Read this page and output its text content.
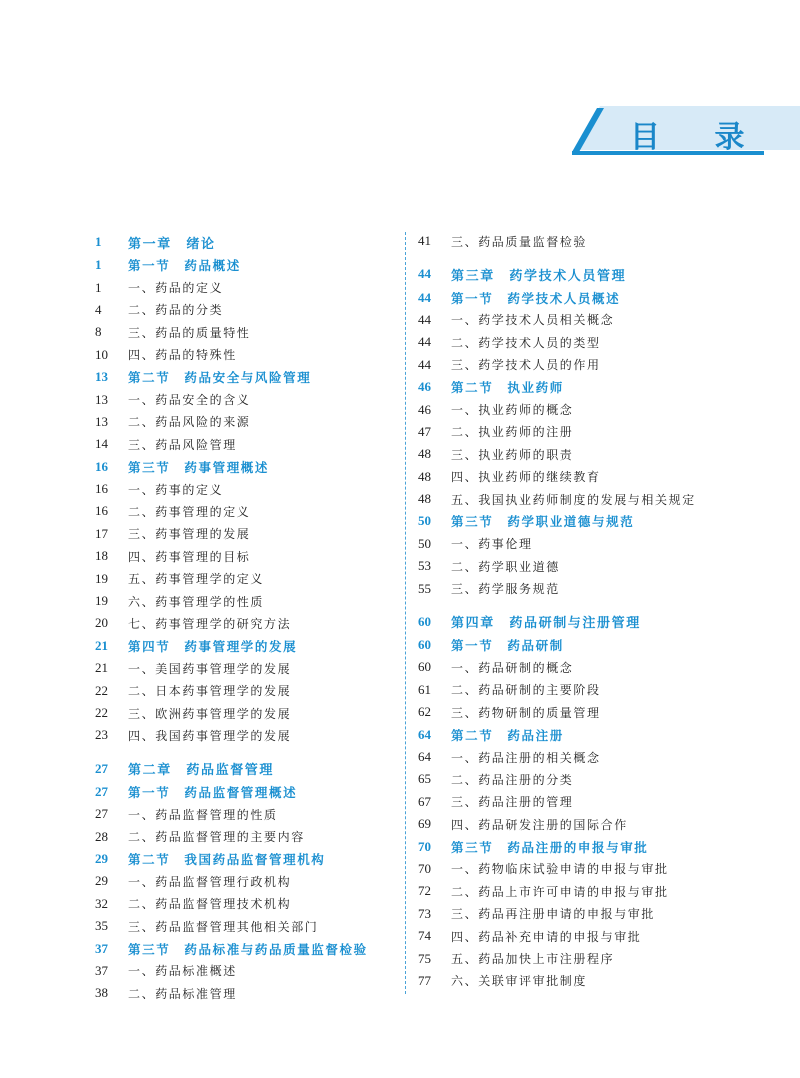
目 录
1	第一章　绪论
1	第一节　药品概述
1	一、药品的定义
4	二、药品的分类
8	三、药品的质量特性
10	四、药品的特殊性
13	第二节　药品安全与风险管理
13	一、药品安全的含义
13	二、药品风险的来源
14	三、药品风险管理
16	第三节　药事管理概述
16	一、药事的定义
16	二、药事管理的定义
17	三、药事管理的发展
18	四、药事管理的目标
19	五、药事管理学的定义
19	六、药事管理学的性质
20	七、药事管理学的研究方法
21	第四节　药事管理学的发展
21	一、美国药事管理学的发展
22	二、日本药事管理学的发展
22	三、欧洲药事管理学的发展
23	四、我国药事管理学的发展
27	第二章　药品监督管理
27	第一节　药品监督管理概述
27	一、药品监督管理的性质
28	二、药品监督管理的主要内容
29	第二节　我国药品监督管理机构
29	一、药品监督管理行政机构
32	二、药品监督管理技术机构
35	三、药品监督管理其他相关部门
37	第三节　药品标准与药品质量监督检验
37	一、药品标准概述
38	二、药品标准管理
41	三、药品质量监督检验
44	第三章　药学技术人员管理
44	第一节　药学技术人员概述
44	一、药学技术人员相关概念
44	二、药学技术人员的类型
44	三、药学技术人员的作用
46	第二节　执业药师
46	一、执业药师的概念
47	二、执业药师的注册
48	三、执业药师的职责
48	四、执业药师的继续教育
48	五、我国执业药师制度的发展与相关规定
50	第三节　药学职业道德与规范
50	一、药事伦理
53	二、药学职业道德
55	三、药学服务规范
60	第四章　药品研制与注册管理
60	第一节　药品研制
60	一、药品研制的概念
61	二、药品研制的主要阶段
62	三、药物研制的质量管理
64	第二节　药品注册
64	一、药品注册的相关概念
65	二、药品注册的分类
67	三、药品注册的管理
69	四、药品研发注册的国际合作
70	第三节　药品注册的申报与审批
70	一、药物临床试验申请的申报与审批
72	二、药品上市许可申请的申报与审批
73	三、药品再注册申请的申报与审批
74	四、药品补充申请的申报与审批
75	五、药品加快上市注册程序
77	六、关联审评审批制度
